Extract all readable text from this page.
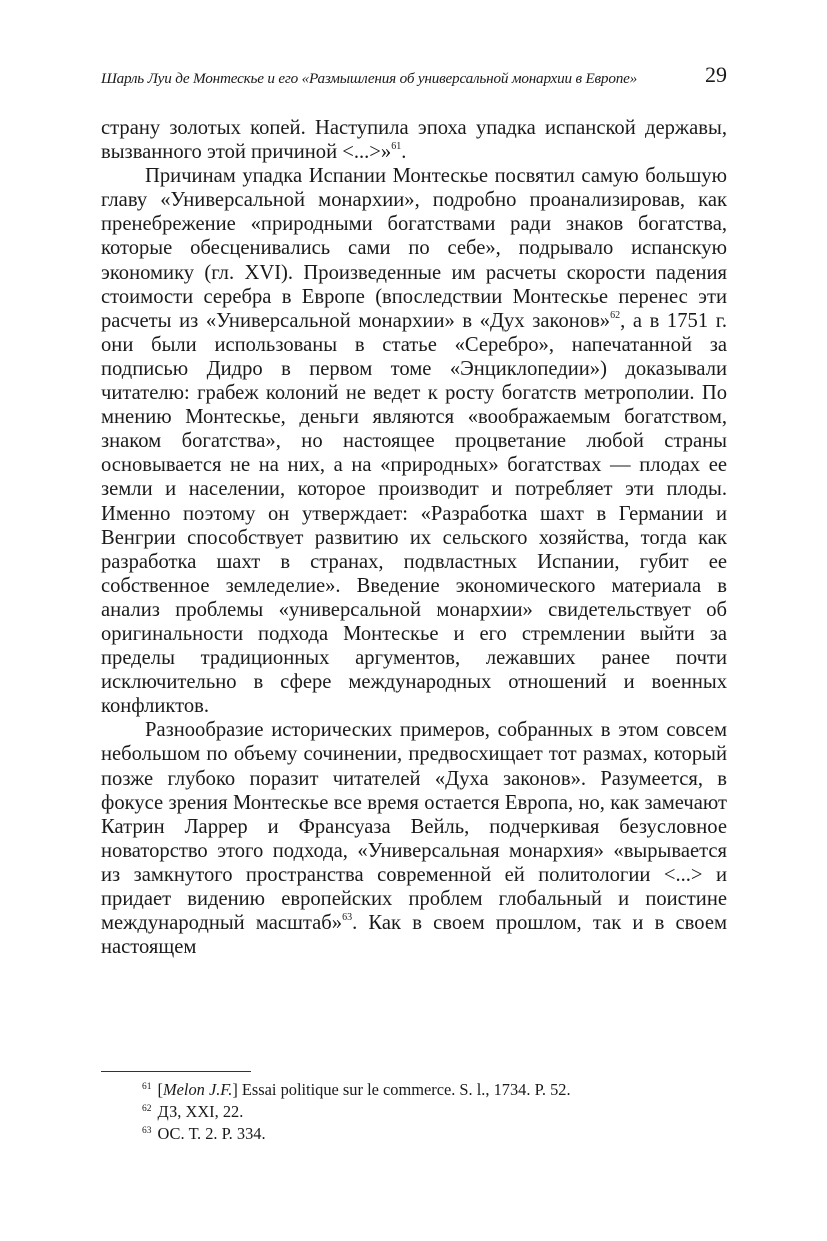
Шарль Луи де Монтескье и его «Размышления об универсальной монархии в Европе»	29

страну золотых копей. Наступила эпоха упадка испанской державы, вызванного этой причиной <...>»$^{61}$.

Причинам упадка Испании Монтескье посвятил самую большую главу «Универсальной монархии», подробно проанализировав, как пренебрежение «природными богатствами ради знаков богатства, которые обесценивались сами по себе», подрывало испанскую экономику (гл. XVI). Произведенные им расчеты скорости падения стоимости серебра в Европе (впоследствии Монтескье перенес эти расчеты из «Универсальной монархии» в «Дух законов»$^{62}$, а в 1751 г. они были использованы в статье «Серебро», напечатанной за подписью Дидро в первом томе «Энциклопедии») доказывали читателю: грабеж колоний не ведет к росту богатств метрополии. По мнению Монтескье, деньги являются «воображаемым богатством, знаком богатства», но настоящее процветание любой страны основывается не на них, а на «природных» богатствах — плодах ее земли и населении, которое производит и потребляет эти плоды. Именно поэтому он утверждает: «Разработка шахт в Германии и Венгрии способствует развитию их сельского хозяйства, тогда как разработка шахт в странах, подвластных Испании, губит ее собственное земледелие». Введение экономического материала в анализ проблемы «универсальной монархии» свидетельствует об оригинальности подхода Монтескье и его стремлении выйти за пределы традиционных аргументов, лежавших ранее почти исключительно в сфере международных отношений и военных конфликтов.

Разнообразие исторических примеров, собранных в этом совсем небольшом по объему сочинении, предвосхищает тот размах, который позже глубоко поразит читателей «Духа законов». Разумеется, в фокусе зрения Монтескье все время остается Европа, но, как замечают Катрин Ларрер и Франсуаза Вейль, подчеркивая безусловное новаторство этого подхода, «Универсальная монархия» «вырывается из замкнутого пространства современной ей политологии <...> и придает видению европейских проблем глобальный и поистине международный масштаб»$^{63}$. Как в своем прошлом, так и в своем настоящем

$^{61}$ [Melon J.F.] Essai politique sur le commerce. S. l., 1734. P. 52.
$^{62}$ ДЗ, XXI, 22.
$^{63}$ ОС. Т. 2. Р. 334.
